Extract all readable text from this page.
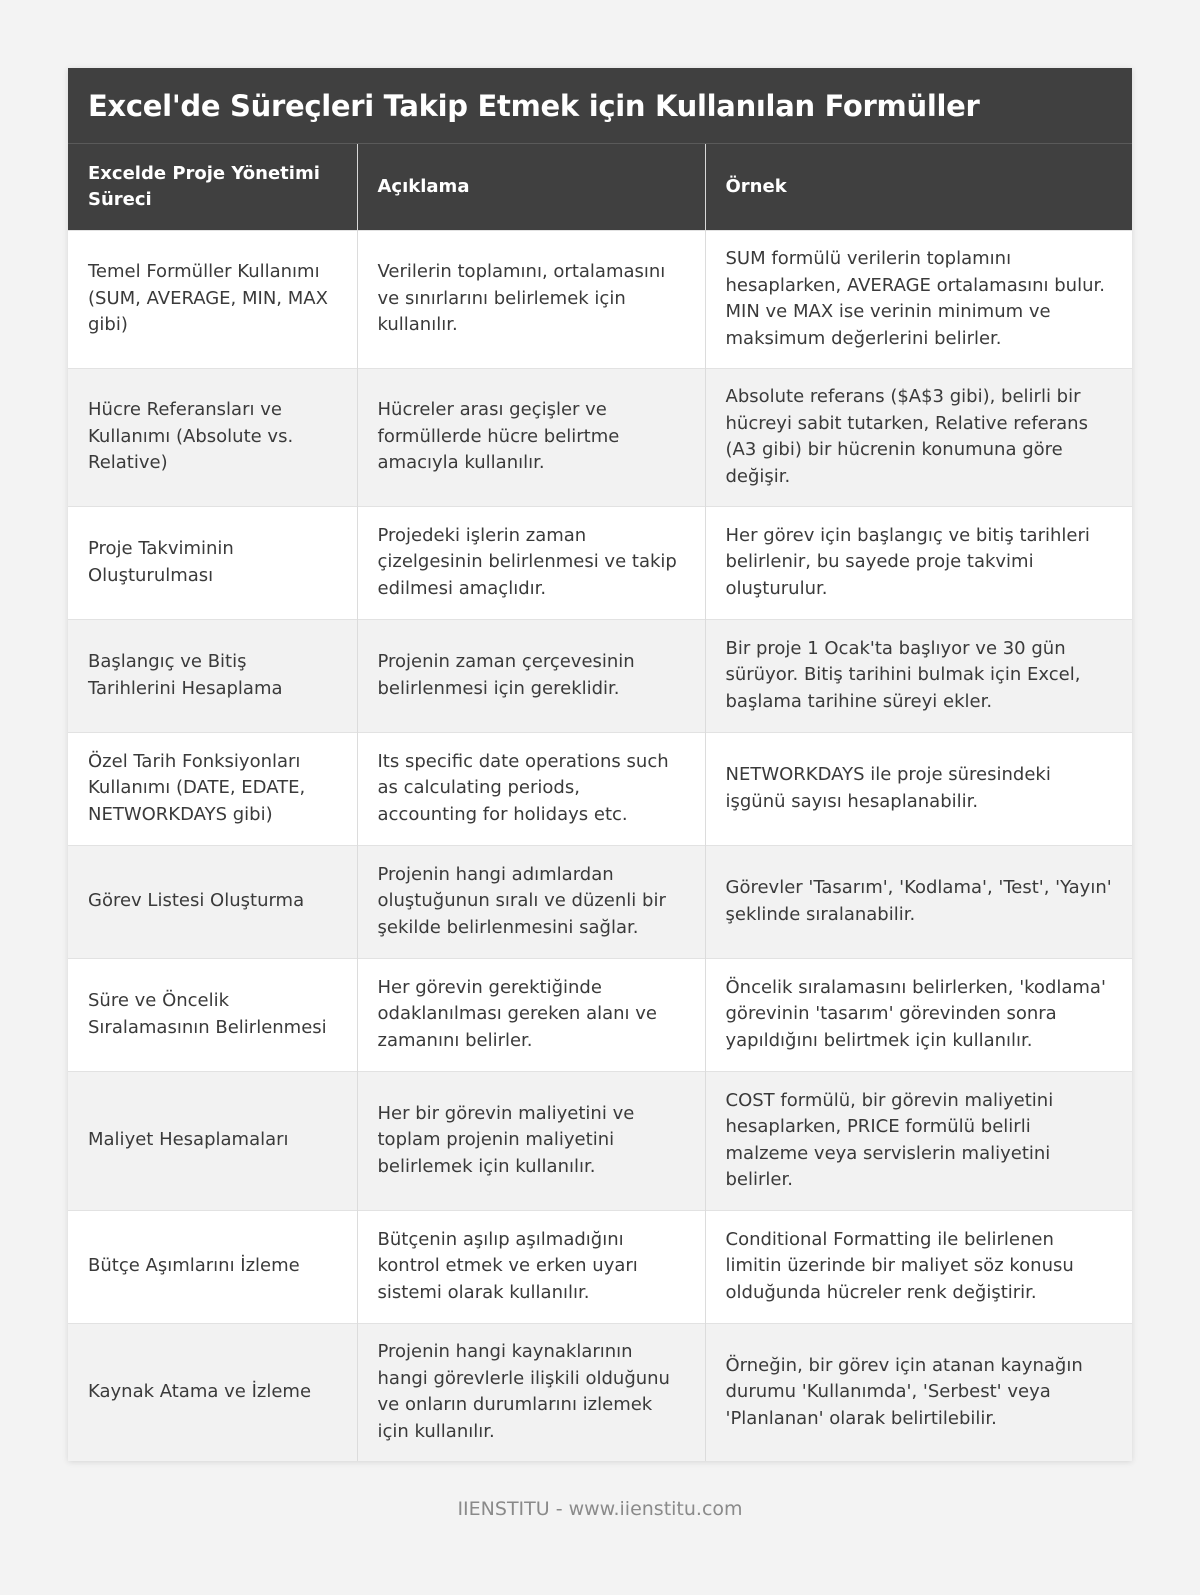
Excel'de Süreçleri Takip Etmek için Kullanılan Formüller
Excelde Proje Yönetimi Süreci	Açıklama	Örnek
Temel Formüller Kullanımı (SUM, AVERAGE, MIN, MAX gibi)	Verilerin toplamını, ortalamasını ve sınırlarını belirlemek için kullanılır.	SUM formülü verilerin toplamını hesaplarken, AVERAGE ortalamasını bulur. MIN ve MAX ise verinin minimum ve maksimum değerlerini belirler.
Hücre Referansları ve Kullanımı (Absolute vs. Relative)	Hücreler arası geçişler ve formüllerde hücre belirtme amacıyla kullanılır.	Absolute referans ($A$3 gibi), belirli bir hücreyi sabit tutarken, Relative referans (A3 gibi) bir hücrenin konumuna göre değişir.
Proje Takviminin Oluşturulması	Projedeki işlerin zaman çizelgesinin belirlenmesi ve takip edilmesi amaçlıdır.	Her görev için başlangıç ve bitiş tarihleri belirlenir, bu sayede proje takvimi oluşturulur.
Başlangıç ve Bitiş Tarihlerini Hesaplama	Projenin zaman çerçevesinin belirlenmesi için gereklidir.	Bir proje 1 Ocak'ta başlıyor ve 30 gün sürüyor. Bitiş tarihini bulmak için Excel, başlama tarihine süreyi ekler.
Özel Tarih Fonksiyonları Kullanımı (DATE, EDATE, NETWORKDAYS gibi)	Its specific date operations such as calculating periods, accounting for holidays etc.	NETWORKDAYS ile proje süresindeki işgünü sayısı hesaplanabilir.
Görev Listesi Oluşturma	Projenin hangi adımlardan oluştuğunun sıralı ve düzenli bir şekilde belirlenmesini sağlar.	Görevler 'Tasarım', 'Kodlama', 'Test', 'Yayın' şeklinde sıralanabilir.
Süre ve Öncelik Sıralamasının Belirlenmesi	Her görevin gerektiğinde odaklanılması gereken alanı ve zamanını belirler.	Öncelik sıralamasını belirlerken, 'kodlama' görevinin 'tasarım' görevinden sonra yapıldığını belirtmek için kullanılır.
Maliyet Hesaplamaları	Her bir görevin maliyetini ve toplam projenin maliyetini belirlemek için kullanılır.	COST formülü, bir görevin maliyetini hesaplarken, PRICE formülü belirli malzeme veya servislerin maliyetini belirler.
Bütçe Aşımlarını İzleme	Bütçenin aşılıp aşılmadığını kontrol etmek ve erken uyarı sistemi olarak kullanılır.	Conditional Formatting ile belirlenen limitin üzerinde bir maliyet söz konusu olduğunda hücreler renk değiştirir.
Kaynak Atama ve İzleme	Projenin hangi kaynaklarının hangi görevlerle ilişkili olduğunu ve onların durumlarını izlemek için kullanılır.	Örneğin, bir görev için atanan kaynağın durumu 'Kullanımda', 'Serbest' veya 'Planlanan' olarak belirtilebilir.
IIENSTITU - www.iienstitu.com
